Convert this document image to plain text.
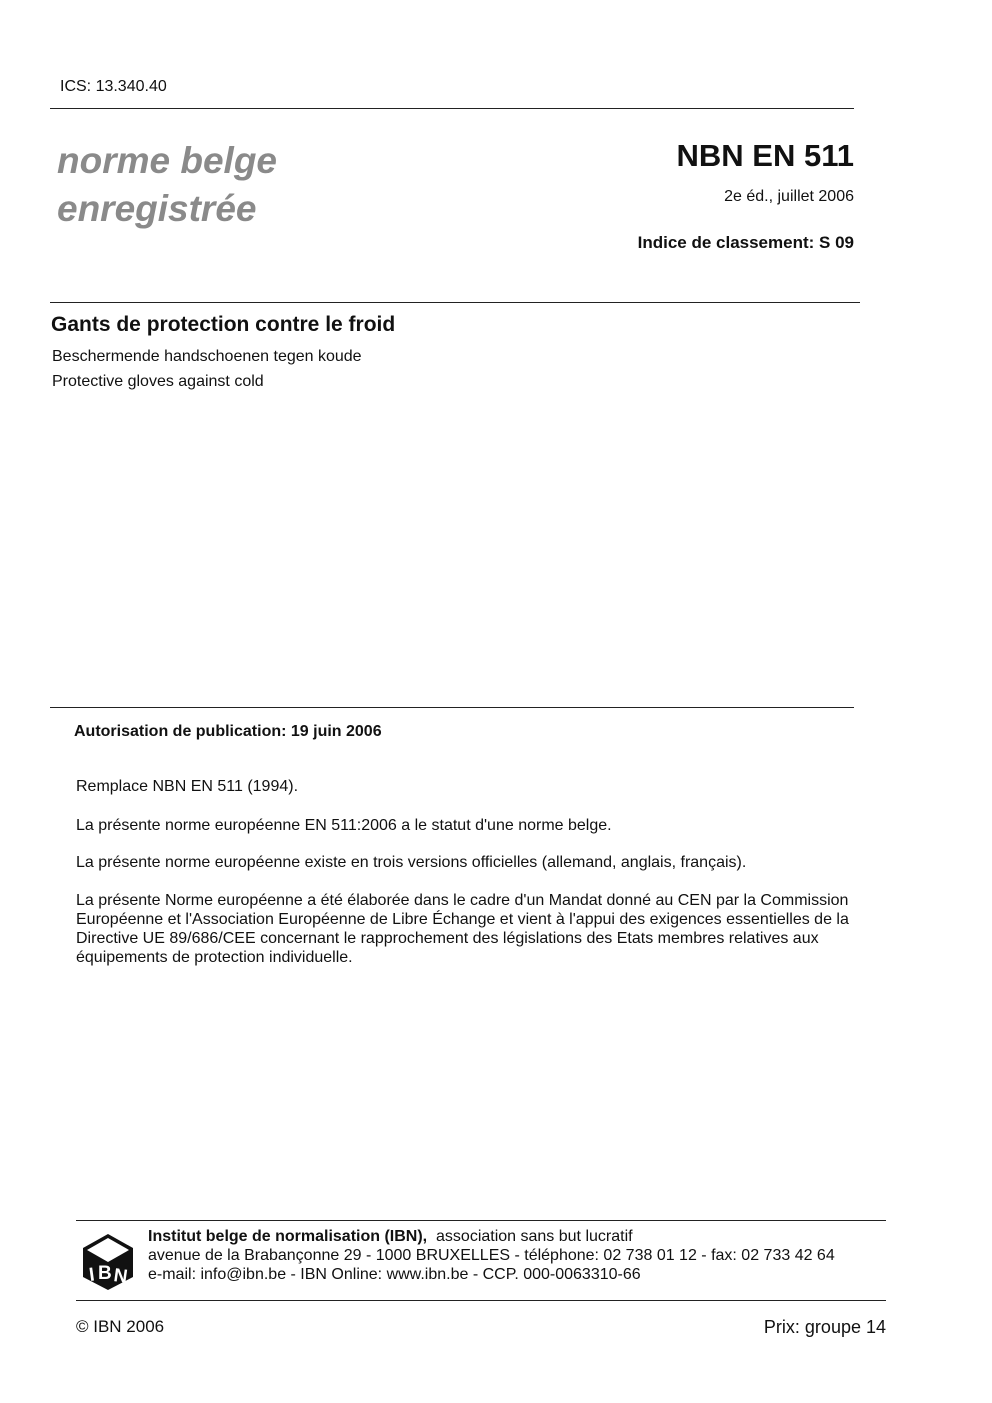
ICS: 13.340.40
norme belge
enregistrée
NBN EN 511
2e éd., juillet 2006
Indice de classement: S 09
Gants de protection contre le froid
Beschermende handschoenen tegen koude
Protective gloves against cold
Autorisation de publication: 19 juin 2006
Remplace NBN EN 511 (1994).
La présente norme européenne EN 511:2006 a le statut d'une norme belge.
La présente norme européenne existe en trois versions officielles (allemand, anglais, français).
La présente Norme européenne a été élaborée dans le cadre d'un Mandat donné au CEN par la Commission Européenne et l'Association Européenne de Libre Échange et vient à l'appui des exigences essentielles de la Directive UE 89/686/CEE concernant le rapprochement des législations des Etats membres relatives aux équipements de protection individuelle.
I B N
Institut belge de normalisation (IBN), association sans but lucratif
avenue de la Brabançonne 29 - 1000 BRUXELLES - téléphone: 02 738 01 12 - fax: 02 733 42 64
e-mail: info@ibn.be - IBN Online: www.ibn.be - CCP. 000-0063310-66
© IBN 2006	Prix: groupe 14
